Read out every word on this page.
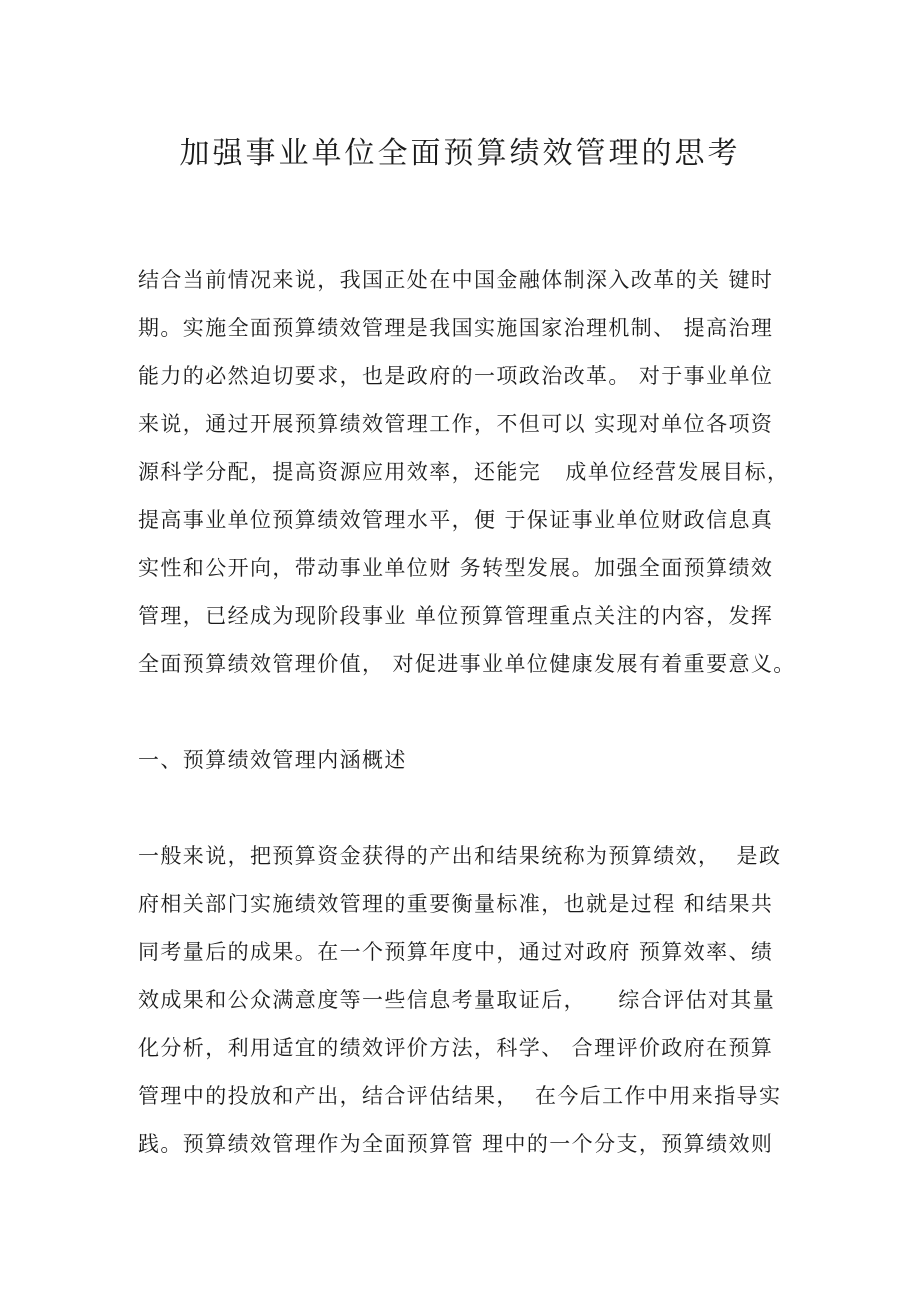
加强事业单位全面预算绩效管理的思考
结合当前情况来说，我国正处在中国金融体制深入改革的关 键时
期。实施全面预算绩效管理是我国实施国家治理机制、 提高治理
能力的必然迫切要求，也是政府的一项政治改革。 对于事业单位
来说，通过开展预算绩效管理工作，不但可以 实现对单位各项资
源科学分配，提高资源应用效率，还能完   成单位经营发展目标，
提高事业单位预算绩效管理水平，便 于保证事业单位财政信息真
实性和公开向，带动事业单位财 务转型发展。加强全面预算绩效
管理，已经成为现阶段事业 单位预算管理重点关注的内容，发挥
全面预算绩效管理价值， 对促进事业单位健康发展有着重要意义。
一、预算绩效管理内涵概述
一般来说，把预算资金获得的产出和结果统称为预算绩效，  是政
府相关部门实施绩效管理的重要衡量标准，也就是过程 和结果共
同考量后的成果。在一个预算年度中，通过对政府 预算效率、绩
效成果和公众满意度等一些信息考量取证后，    综合评估对其量
化分析，利用适宜的绩效评价方法，科学、 合理评价政府在预算
管理中的投放和产出，结合评估结果，  在今后工作中用来指导实
践。预算绩效管理作为全面预算管 理中的一个分支，预算绩效则
